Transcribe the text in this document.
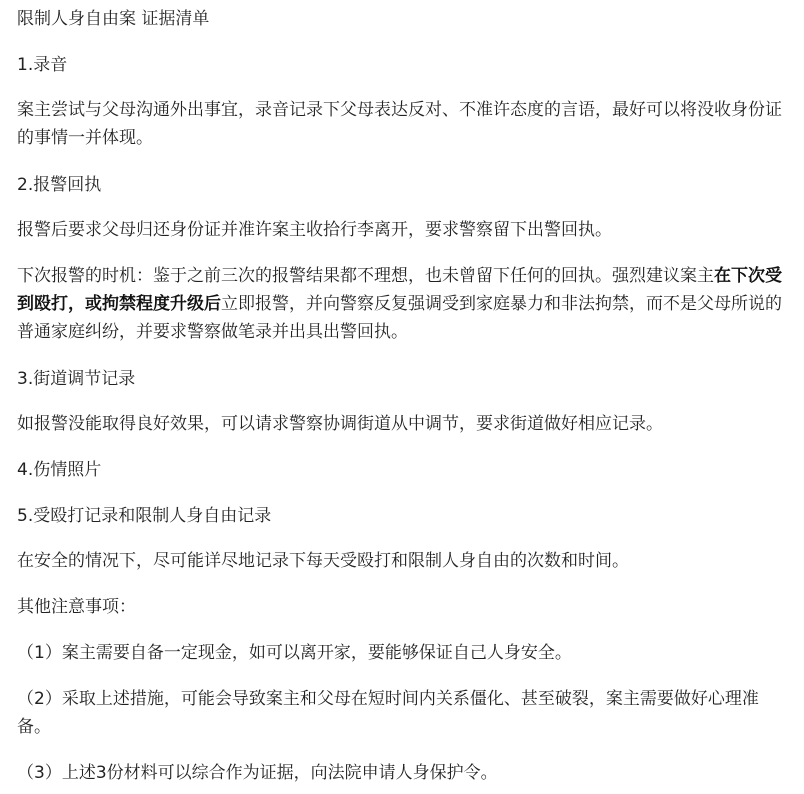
限制人身自由案 证据清单

1.录音

案主尝试与父母沟通外出事宜，录音记录下父母表达反对、不准许态度的言语，最好可以将没收身份证的事情一并体现。

2.报警回执

报警后要求父母归还身份证并准许案主收拾行李离开，要求警察留下出警回执。

下次报警的时机：鉴于之前三次的报警结果都不理想，也未曾留下任何的回执。强烈建议案主在下次受到殴打，或拘禁程度升级后立即报警，并向警察反复强调受到家庭暴力和非法拘禁，而不是父母所说的普通家庭纠纷，并要求警察做笔录并出具出警回执。

3.街道调节记录

如报警没能取得良好效果，可以请求警察协调街道从中调节，要求街道做好相应记录。

4.伤情照片

5.受殴打记录和限制人身自由记录

在安全的情况下，尽可能详尽地记录下每天受殴打和限制人身自由的次数和时间。

其他注意事项：

（1）案主需要自备一定现金，如可以离开家，要能够保证自己人身安全。

（2）采取上述措施，可能会导致案主和父母在短时间内关系僵化、甚至破裂，案主需要做好心理准备。

（3）上述3份材料可以综合作为证据，向法院申请人身保护令。
